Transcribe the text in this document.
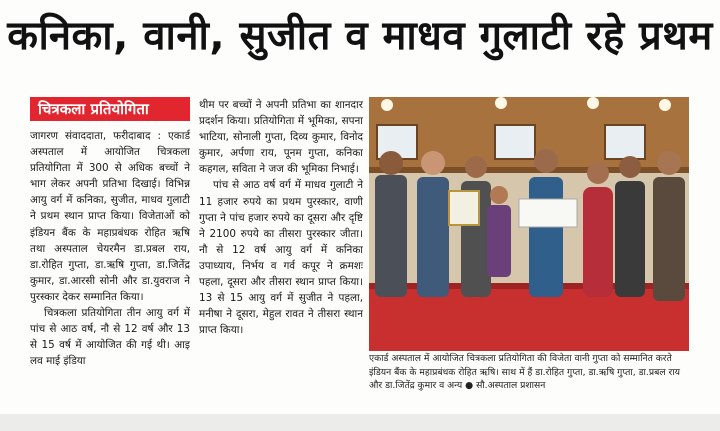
कनिका, वानी, सुजीत व माधव गुलाटी रहे प्रथम
चित्रकला प्रतियोगिता

जागरण संवाददाता, फरीदाबाद : एकार्ड अस्पताल में आयोजित चित्रकला प्रतियोगिता में 300 से अधिक बच्चों ने भाग लेकर अपनी प्रतिभा दिखाई। विभिन्न आयु वर्ग में कनिका, सुजीत, माधव गुलाटी ने प्रथम स्थान प्राप्त किया। विजेताओं को इंडियन बैंक के महाप्रबंधक रोहित ऋषि तथा अस्पताल चेयरमैन डा.प्रबल राय, डा.रोहित गुप्ता, डा.ऋषि गुप्ता, डा.जितेंद्र कुमार, डा.आरसी सोनी और डा.युवराज ने पुरस्कार देकर सम्मानित किया।

चित्रकला प्रतियोगिता तीन आयु वर्ग में पांच से आठ वर्ष, नौ से 12 वर्ष और 13 से 15 वर्ष में आयोजित की गई थी। आइ लव माई इंडिया

थीम पर बच्चों ने अपनी प्रतिभा का शानदार प्रदर्शन किया। प्रतियोगिता में भूमिका, सपना भाटिया, सोनाली गुप्ता, दिव्य कुमार, विनोद कुमार, अर्पणा राय, पूनम गुप्ता, कनिका कहगल, सविता ने जज की भूमिका निभाई।

पांच से आठ वर्ष वर्ग में माधव गुलाटी ने 11 हजार रुपये का प्रथम पुरस्कार, वाणी गुप्ता ने पांच हजार रुपये का दूसरा और दृष्टि ने 2100 रुपये का तीसरा पुरस्कार जीता। नौ से 12 वर्ष आयु वर्ग में कनिका उपाध्याय, निर्भय व गर्व कपूर ने क्रमशः पहला, दूसरा और तीसरा स्थान प्राप्त किया। 13 से 15 आयु वर्ग में सुजीत ने पहला, मनीषा ने दूसरा, मेहुल रावत ने तीसरा स्थान प्राप्त किया।

एकार्ड अस्पताल में आयोजित चित्रकला प्रतियोगिता की विजेता वानी गुप्ता को सम्मानित करते इंडियन बैंक के महाप्रबंधक रोहित ऋषि। साथ में हैं डा.रोहित गुप्ता, डा.ऋषि गुप्ता, डा.प्रबल राय और डा.जितेंद्र कुमार व अन्य ● सौ.अस्पताल प्रशासन
